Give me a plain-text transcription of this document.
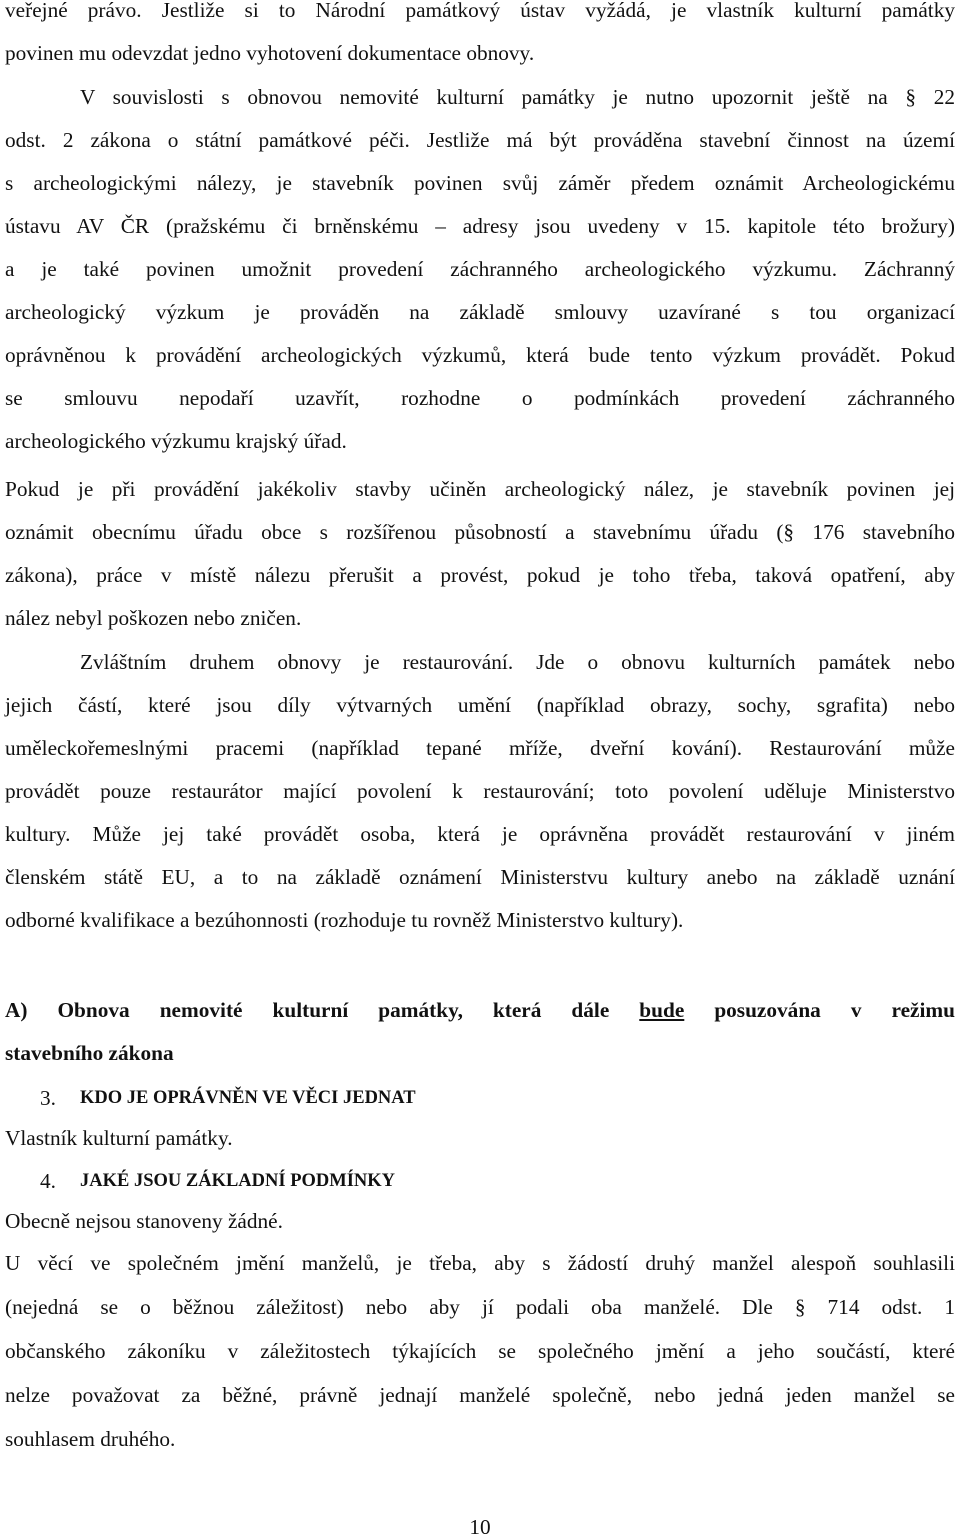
veřejné právo. Jestliže si to Národní památkový ústav vyžádá, je vlastník kulturní památky
povinen mu odevzdat jedno vyhotovení dokumentace obnovy.
V souvislosti s obnovou nemovité kulturní památky je nutno upozornit ještě na § 22
odst. 2 zákona o státní památkové péči. Jestliže má být prováděna stavební činnost na území
s archeologickými nálezy, je stavebník povinen svůj záměr předem oznámit Archeologickému
ústavu AV ČR (pražskému či brněnskému – adresy jsou uvedeny v 15. kapitole této brožury)
a je také povinen umožnit provedení záchranného archeologického výzkumu. Záchranný
archeologický výzkum je prováděn na základě smlouvy uzavírané s tou organizací
oprávněnou k provádění archeologických výzkumů, která bude tento výzkum provádět. Pokud
se smlouvu nepodaří uzavřít, rozhodne o podmínkách provedení záchranného
archeologického výzkumu krajský úřad.
Pokud je při provádění jakékoliv stavby učiněn archeologický nález, je stavebník povinen jej
oznámit obecnímu úřadu obce s rozšířenou působností a stavebnímu úřadu (§ 176 stavebního
zákona), práce v místě nálezu přerušit a provést, pokud je toho třeba, taková opatření, aby
nález nebyl poškozen nebo zničen.
Zvláštním druhem obnovy je restaurování. Jde o obnovu kulturních památek nebo
jejich částí, které jsou díly výtvarných umění (například obrazy, sochy, sgrafita) nebo
uměleckořemeslnými pracemi (například tepané mříže, dveřní kování). Restaurování může
provádět pouze restaurátor mající povolení k restaurování; toto povolení uděluje Ministerstvo
kultury. Může jej také provádět osoba, která je oprávněna provádět restaurování v jiném
členském státě EU, a to na základě oznámení Ministerstvu kultury anebo na základě uznání
odborné kvalifikace a bezúhonnosti (rozhoduje tu rovněž Ministerstvo kultury).
A) Obnova nemovité kulturní památky, která dále bude posuzována v režimu
stavebního zákona
3. KDO JE OPRÁVNĚN VE VĚCI JEDNAT
Vlastník kulturní památky.
4. JAKÉ JSOU ZÁKLADNÍ PODMÍNKY
Obecně nejsou stanoveny žádné.
U věcí ve společném jmění manželů, je třeba, aby s žádostí druhý manžel alespoň souhlasili
(nejedná se o běžnou záležitost) nebo aby jí podali oba manželé. Dle § 714 odst. 1
občanského zákoníku v záležitostech týkajících se společného jmění a jeho součástí, které
nelze považovat za běžné, právně jednají manželé společně, nebo jedná jeden manžel se
souhlasem druhého.
10
